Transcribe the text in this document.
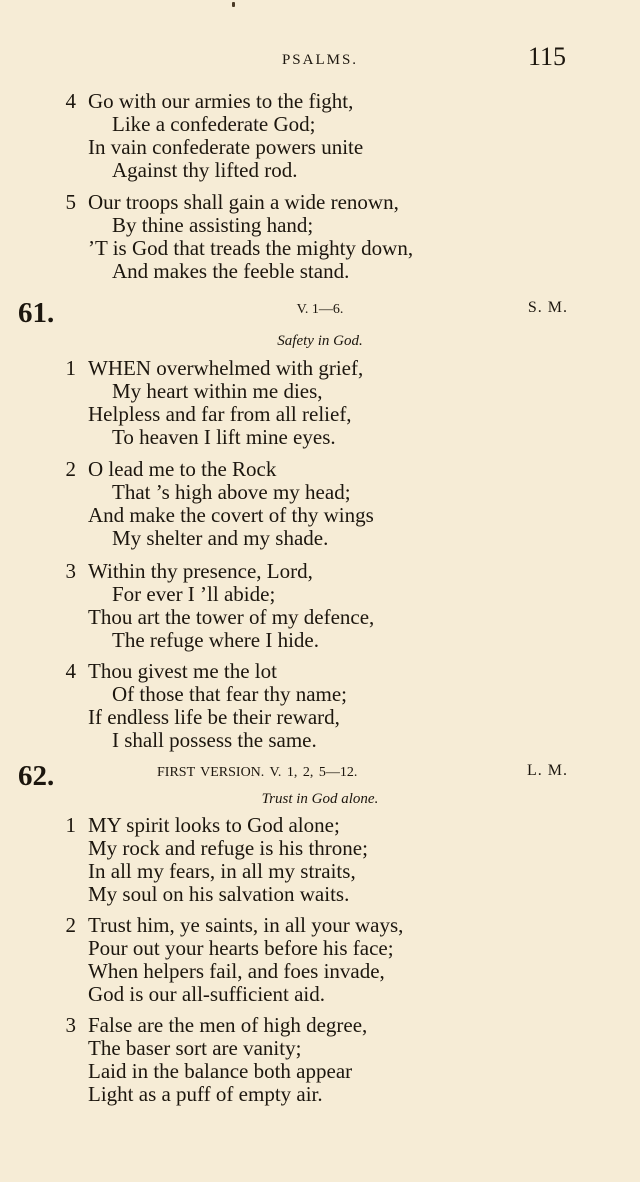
PSALMS.	115
4 Go with our armies to the fight,
Like a confederate God;
In vain confederate powers unite
Against thy lifted rod.
5 Our troops shall gain a wide renown,
By thine assisting hand;
’T is God that treads the mighty down,
And makes the feeble stand.
61.	V. 1—6.	S. M.
Safety in God.
1 WHEN overwhelmed with grief,
My heart within me dies,
Helpless and far from all relief,
To heaven I lift mine eyes.
2 O lead me to the Rock
That ’s high above my head;
And make the covert of thy wings
My shelter and my shade.
3 Within thy presence, Lord,
For ever I ’ll abide;
Thou art the tower of my defence,
The refuge where I hide.
4 Thou givest me the lot
Of those that fear thy name;
If endless life be their reward,
I shall possess the same.
62.	FIRST VERSION. V. 1, 2, 5—12.	L. M.
Trust in God alone.
1 MY spirit looks to God alone;
My rock and refuge is his throne;
In all my fears, in all my straits,
My soul on his salvation waits.
2 Trust him, ye saints, in all your ways,
Pour out your hearts before his face;
When helpers fail, and foes invade,
God is our all-sufficient aid.
3 False are the men of high degree,
The baser sort are vanity;
Laid in the balance both appear
Light as a puff of empty air.
